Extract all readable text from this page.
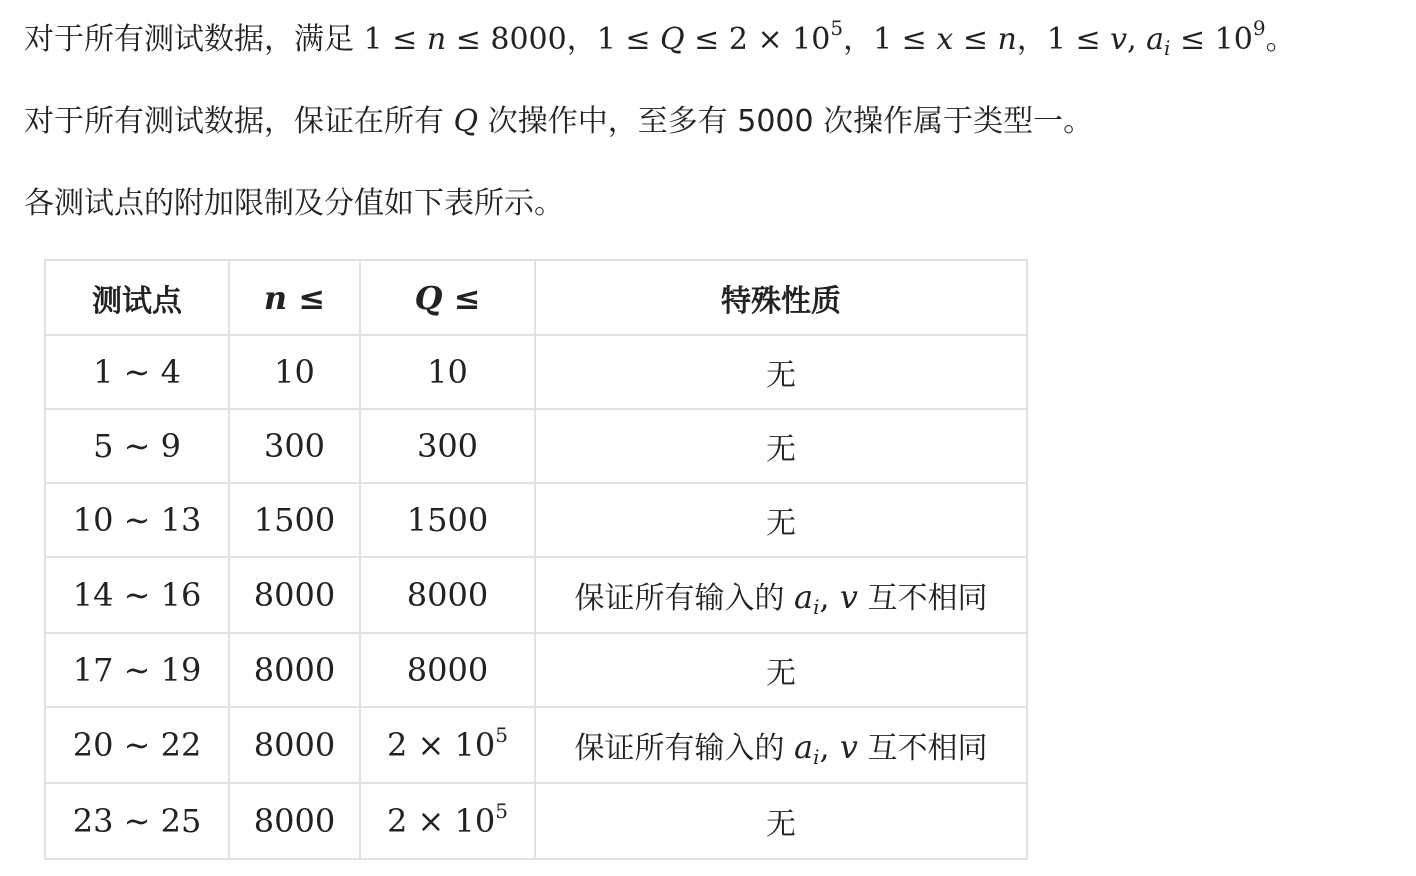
对于所有测试数据，满足 1 ≤ n ≤ 8000，$1 \le Q \le 2 \times 10^5$，1 ≤ x ≤ n，1 ≤ v, $a_i \le 10^9$。
对于所有测试数据，保证在所有 Q 次操作中，至多有 5000 次操作属于类型一。
各测试点的附加限制及分值如下表所示。
测试点	n ≤	Q ≤	特殊性质
1 ∼ 4	10	10	无
5 ∼ 9	300	300	无
10 ∼ 13	1500	1500	无
14 ∼ 16	8000	8000	保证所有输入的 $a_i$, v 互不相同
17 ∼ 19	8000	8000	无
20 ∼ 22	8000	$2 \times 10^5$	保证所有输入的 $a_i$, v 互不相同
23 ∼ 25	8000	$2 \times 10^5$	无
